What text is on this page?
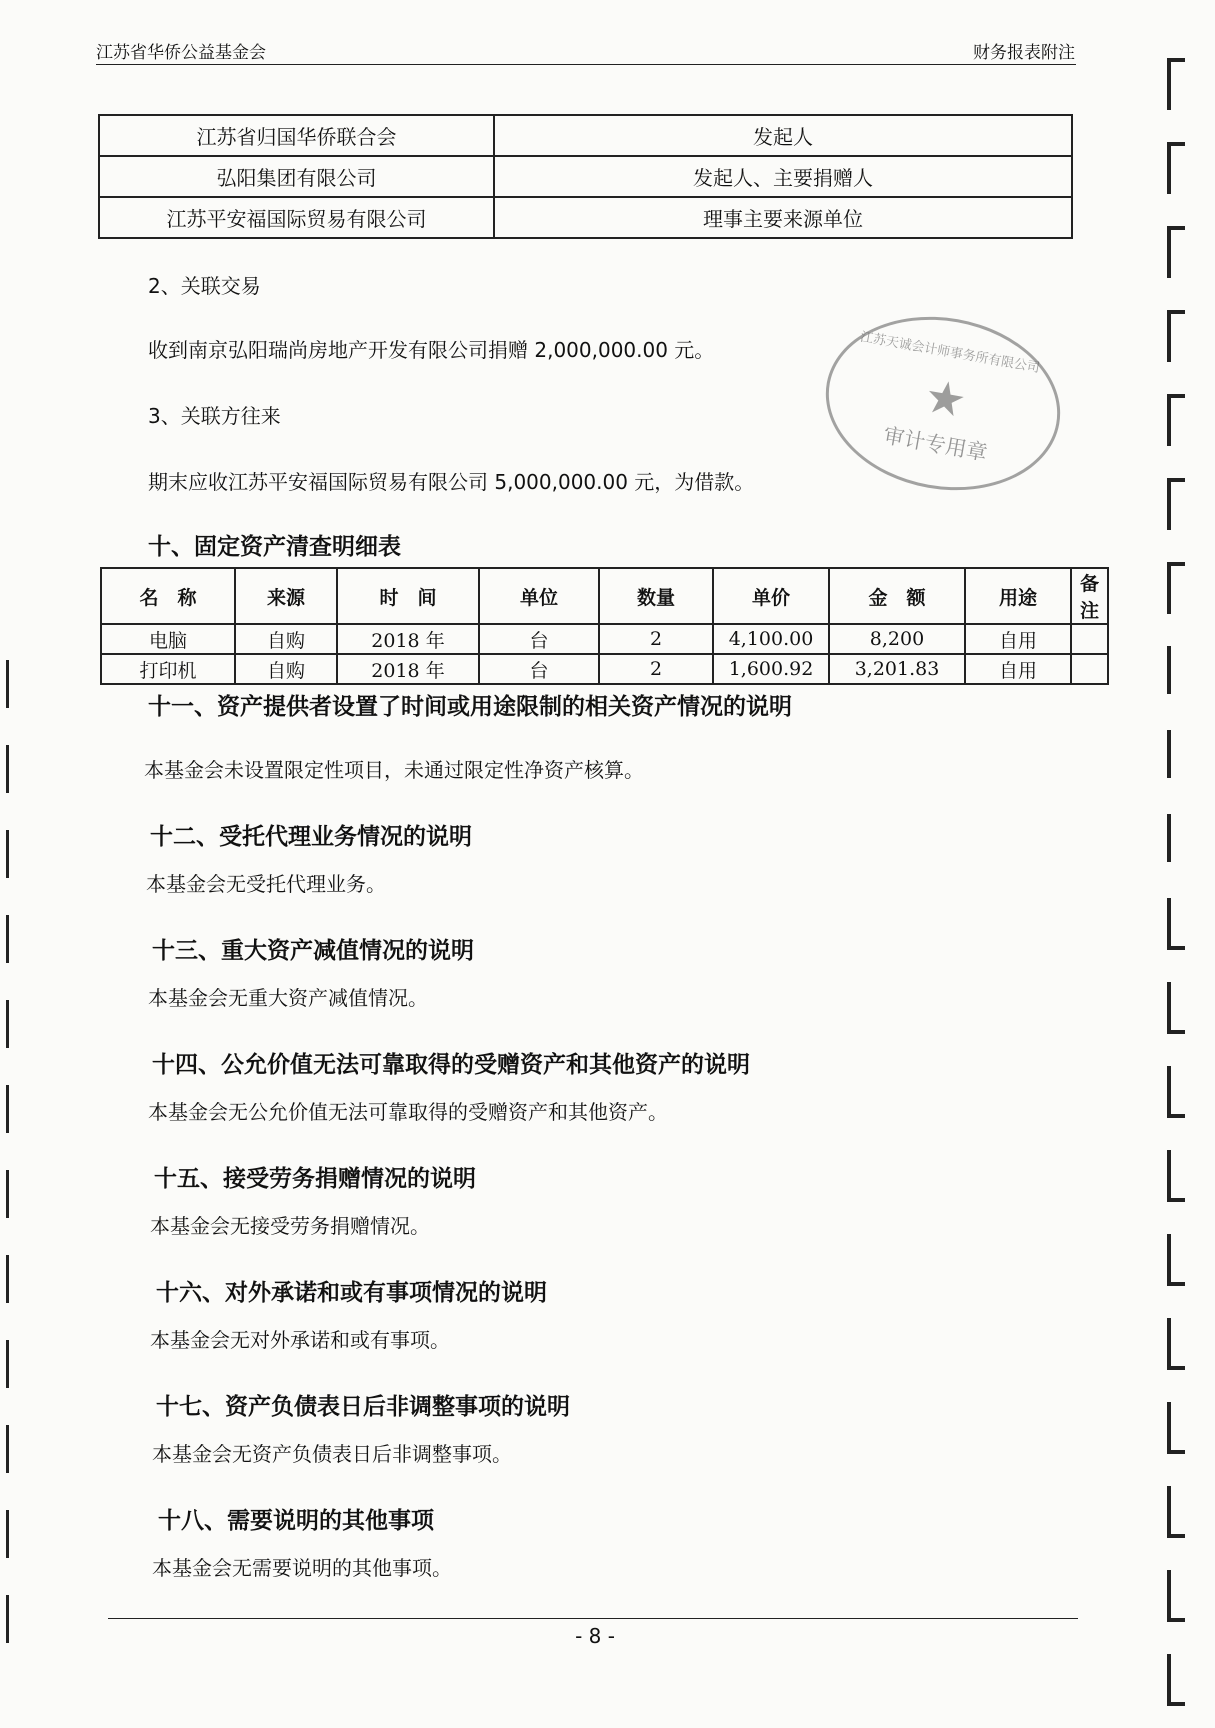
江苏省华侨公益基金会	财务报表附注
江苏省归国华侨联合会	发起人
弘阳集团有限公司	发起人、主要捐赠人
江苏平安福国际贸易有限公司	理事主要来源单位
2、关联交易
收到南京弘阳瑞尚房地产开发有限公司捐赠 2,000,000.00 元。
3、关联方往来
期末应收江苏平安福国际贸易有限公司 5,000,000.00 元，为借款。
江苏天诚会计师事务所有限公司
★
审计专用章
十、固定资产清查明细表
名　称	来源	时　间	单位	数量	单价	金　额	用途	备注
电脑	自购	2018 年	台	2	4,100.00	8,200	自用	
打印机	自购	2018 年	台	2	1,600.92	3,201.83	自用	
十一、资产提供者设置了时间或用途限制的相关资产情况的说明
本基金会未设置限定性项目，未通过限定性净资产核算。
十二、受托代理业务情况的说明
本基金会无受托代理业务。
十三、重大资产减值情况的说明
本基金会无重大资产减值情况。
十四、公允价值无法可靠取得的受赠资产和其他资产的说明
本基金会无公允价值无法可靠取得的受赠资产和其他资产。
十五、接受劳务捐赠情况的说明
本基金会无接受劳务捐赠情况。
十六、对外承诺和或有事项情况的说明
本基金会无对外承诺和或有事项。
十七、资产负债表日后非调整事项的说明
本基金会无资产负债表日后非调整事项。
十八、需要说明的其他事项
本基金会无需要说明的其他事项。
- 8 -
